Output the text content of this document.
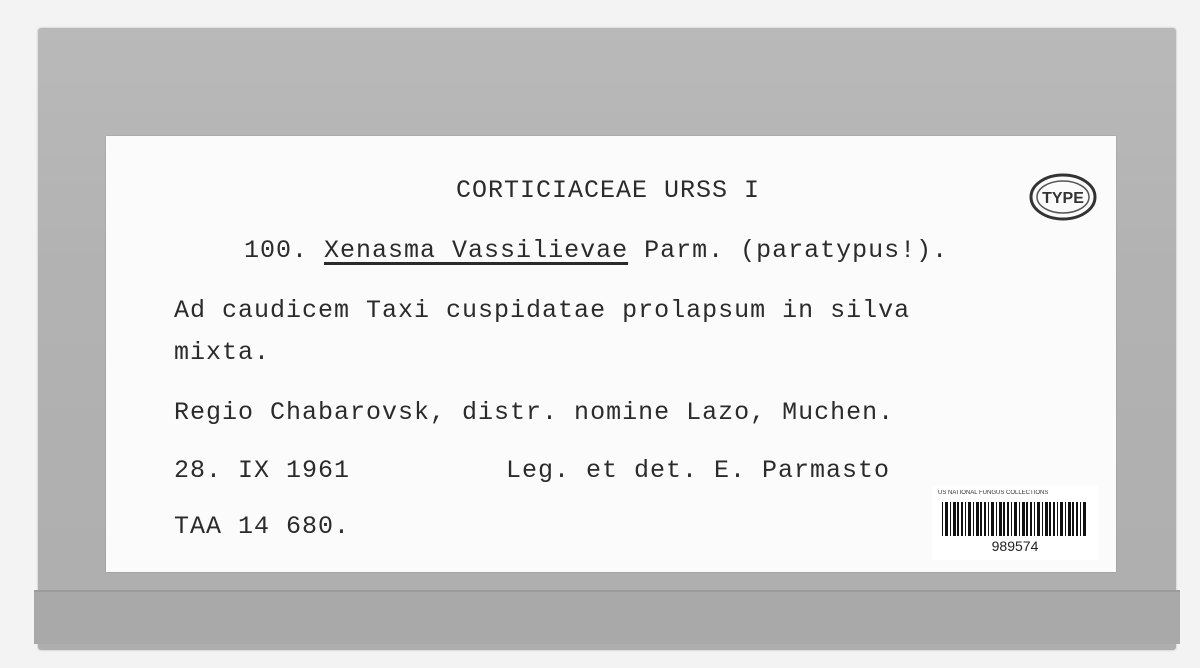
CORTICIACEAE URSS I
100. Xenasma Vassilievae Parm. (paratypus!).
Ad caudicem Taxi cuspidatae prolapsum in silva
mixta.
Regio Chabarovsk, distr. nomine Lazo, Muchen.
28. IX 1961	Leg. et det. E. Parmasto
TAA 14 680.
TYPE
US NATIONAL FUNGUS COLLECTIONS
989574
